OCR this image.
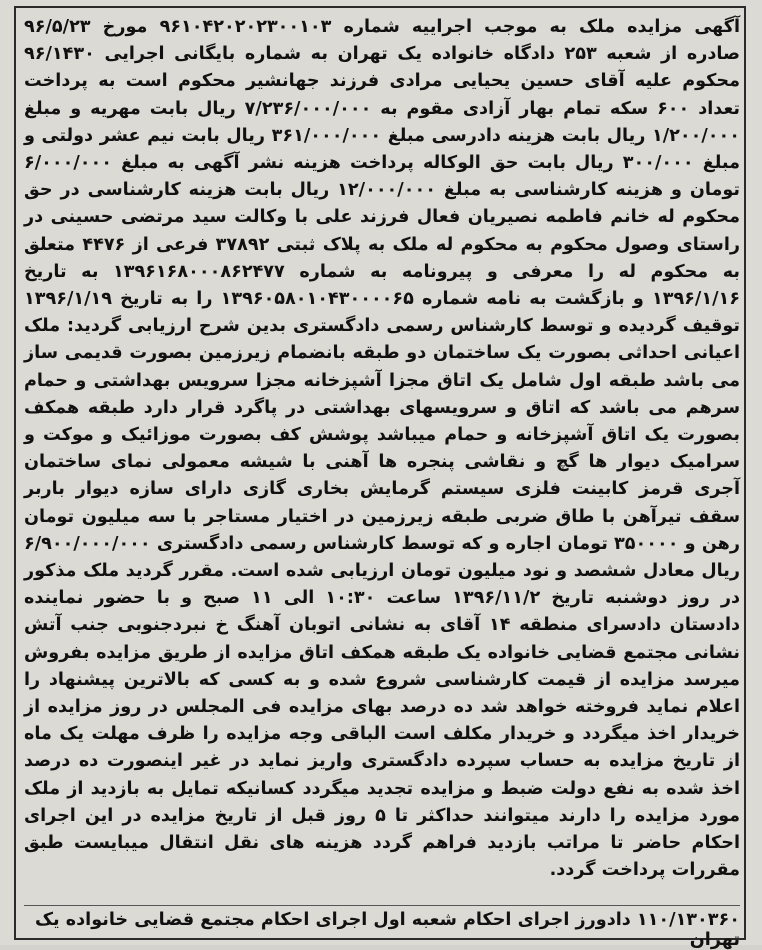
آگهی مزایده ملک به موجب اجراییه شماره ۹۶۱۰۴۲۰۲۰۲۳۰۰۱۰۳ مورخ ۹۶/۵/۲۳ صادره از شعبه ۲۵۳ دادگاه خانواده یک تهران به شماره بایگانی اجرایی ۹۶/۱۴۳۰ محکوم علیه آقای حسین یحیایی مرادی فرزند جهانشیر محکوم است به پرداخت تعداد ۶۰۰ سکه تمام بهار آزادی مقوم به ۷/۲۳۶/۰۰۰/۰۰۰ ریال بابت مهریه و مبلغ ۱/۲۰۰/۰۰۰ ریال بابت هزینه دادرسی مبلغ ۳۶۱/۰۰۰/۰۰۰ ریال بابت نیم عشر دولتی و مبلغ ۳۰۰/۰۰۰ ریال بابت حق الوکاله پرداخت هزینه نشر آگهی به مبلغ ۶/۰۰۰/۰۰۰ تومان و هزینه کارشناسی به مبلغ ۱۲/۰۰۰/۰۰۰ ریال بابت هزینه کارشناسی در حق محکوم له خانم فاطمه نصیریان فعال فرزند علی با وکالت سید مرتضی حسینی در راستای وصول محکوم به محکوم له ملک به پلاک ثبتی ۳۷۸۹۲ فرعی از ۴۴۷۶ متعلق به محکوم له را معرفی و پیرونامه به شماره ۱۳۹۶۱۶۸۰۰۰۸۶۲۴۷۷ به تاریخ ۱۳۹۶/۱/۱۶ و بازگشت به نامه شماره ۱۳۹۶۰۵۸۰۱۰۴۳۰۰۰۰۶۵ را به تاریخ ۱۳۹۶/۱/۱۹ توقیف گردیده و توسط کارشناس رسمی دادگستری بدین شرح ارزیابی گردید: ملک اعیانی احداثی بصورت یک ساختمان دو طبقه بانضمام زیرزمین بصورت قدیمی ساز می باشد طبقه اول شامل یک اتاق مجزا آشپزخانه مجزا سرویس بهداشتی و حمام سرهم می باشد که اتاق و سرویسهای بهداشتی در پاگرد قرار دارد طبقه همکف بصورت یک اتاق آشپزخانه و حمام میباشد پوشش کف بصورت موزائیک و موکت و سرامیک دیوار ها گچ و نقاشی پنجره ها آهنی با شیشه معمولی نمای ساختمان آجری قرمز کابینت فلزی سیستم گرمایش بخاری گازی دارای سازه دیوار باربر سقف تیرآهن با طاق ضربی طبقه زیرزمین در اختیار مستاجر با سه میلیون تومان رهن و ۳۵۰۰۰۰ تومان اجاره و که توسط کارشناس رسمی دادگستری ۶/۹۰۰/۰۰۰/۰۰۰ ریال معادل ششصد و نود میلیون تومان ارزیابی شده است. مقرر گردید ملک مذکور در روز دوشنبه تاریخ ۱۳۹۶/۱۱/۲ ساعت ۱۰:۳۰ الی ۱۱ صبح و با حضور نماینده دادستان دادسرای منطقه ۱۴ آقای به نشانی اتوبان آهنگ خ نبردجنوبی جنب آتش نشانی مجتمع قضایی خانواده یک طبقه همکف اتاق مزایده از طریق مزایده بفروش میرسد مزایده از قیمت کارشناسی شروع شده و به کسی که بالاترین پیشنهاد را اعلام نماید فروخته خواهد شد ده درصد بهای مزایده فی المجلس در روز مزایده از خریدار اخذ میگردد و خریدار مکلف است الباقی وجه مزایده را ظرف مهلت یک ماه از تاریخ مزایده به حساب سپرده دادگستری واریز نماید در غیر اینصورت ده درصد اخذ شده به نفع دولت ضبط و مزایده تجدید میگردد کسانیکه تمایل به بازدید از ملک مورد مزایده را دارند میتوانند حداکثر تا ۵ روز قبل از تاریخ مزایده در این اجرای احکام حاضر تا مراتب بازدید فراهم گردد هزینه های نقل انتقال میبایست طبق مقررات پرداخت گردد.

۱۱۰/۱۳۰۳۶۰ دادورز اجرای احکام شعبه اول اجرای احکام مجتمع قضایی خانواده یک تهران
